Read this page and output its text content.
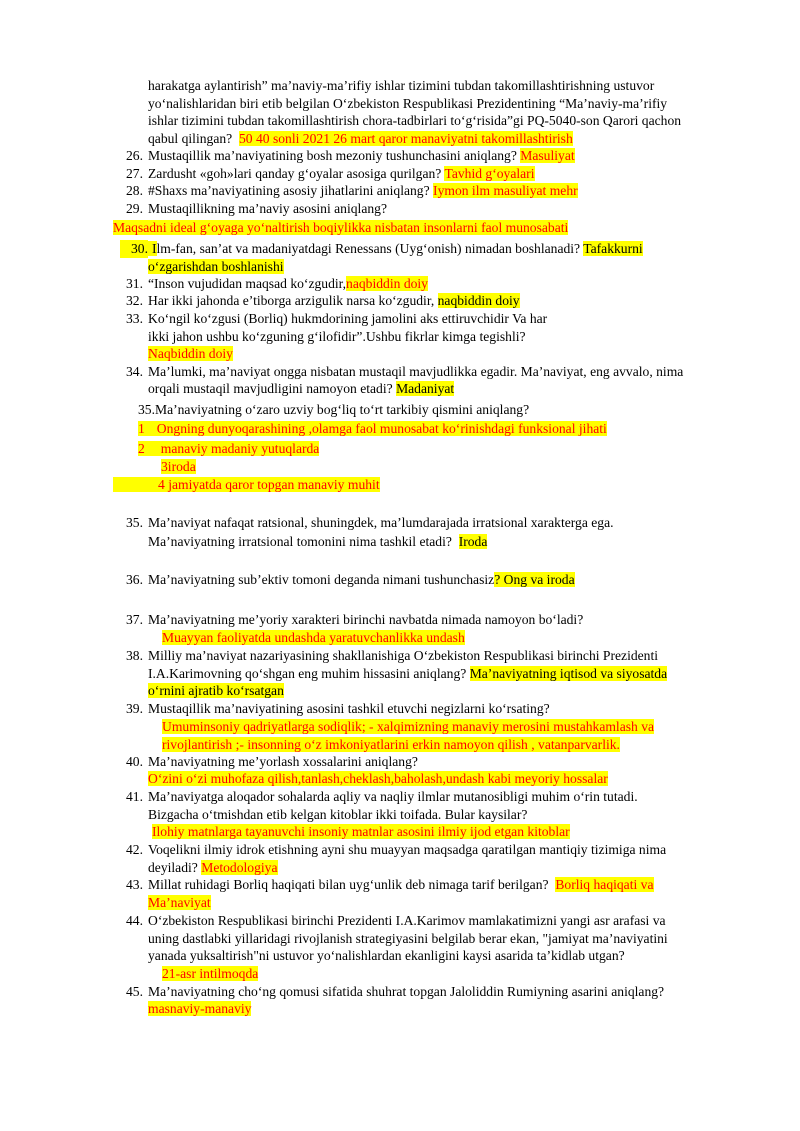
harakatga aylantirish” ma’naviy-ma’rifiy ishlar tizimini tubdan takomillashtirishning ustuvor
yo‘nalishlaridan biri etib belgilan O‘zbekiston Respublikasi Prezidentining “Ma’naviy-ma’rifiy
ishlar tizimini tubdan takomillashtirish chora-tadbirlari to‘g‘risida”gi PQ-5040-son Qarori qachon
qabul qilingan? 50 40 sonli 2021 26 mart qaror manaviyatni takomillashtirish
26. Mustaqillik ma’naviyatining bosh mezoniy tushunchasini aniqlang? Masuliyat
27. Zardusht «goh»lari qanday g‘oyalar asosiga qurilgan? Tavhid g‘oyalari
28. #Shaxs ma’naviyatining asosiy jihatlarini aniqlang? Iymon ilm masuliyat mehr
29. Mustaqillikning ma’naviy asosini aniqlang?
Maqsadni ideal g‘oyaga yo‘naltirish boqiylikka nisbatan insonlarni faol munosabati
30. Ilm-fan, san’at va madaniyatdagi Renessans (Uyg‘onish) nimadan boshlanadi? Tafakkurni
o‘zgarishdan boshlanishi
31. “Inson vujudidan maqsad ko‘zgudir,naqbiddin doiy
32. Har ikki jahonda e’tiborga arzigulik narsa ko‘zgudir, naqbiddin doiy
33. Ko‘ngil ko‘zgusi (Borliq) hukmdorining jamolini aks ettiruvchidir Va har
ikki jahon ushbu ko‘zguning g‘ilofidir”.Ushbu fikrlar kimga tegishli?
Naqbiddin doiy
34. Ma’lumki, ma’naviyat ongga nisbatan mustaqil mavjudlikka egadir. Ma’naviyat, eng avvalo, nima
orqali mustaqil mavjudligini namoyon etadi? Madaniyat
35.Ma’naviyatning o‘zaro uzviy bog‘liq to‘rt tarkibiy qismini aniqlang?
1 Ongning dunyoqarashining ,olamga faol munosabat ko‘rinishdagi funksional jihati
2 manaviy madaniy yutuqlarda
3iroda
4 jamiyatda qaror topgan manaviy muhit
35. Ma’naviyat nafaqat ratsional, shuningdek, ma’lumdarajada irratsional xarakterga ega.
Ma’naviyatning irratsional tomonini nima tashkil etadi? Iroda
36. Ma’naviyatning sub’ektiv tomoni deganda nimani tushunchasiz? Ong va iroda
37. Ma’naviyatning me’yoriy xarakteri birinchi navbatda nimada namoyon bo‘ladi?
Muayyan faoliyatda undashda yaratuvchanlikka undash
38. Milliy ma’naviyat nazariyasining shakllanishiga O‘zbekiston Respublikasi birinchi Prezidenti
I.A.Karimovning qo‘shgan eng muhim hissasini aniqlang? Ma’naviyatning iqtisod va siyosatda
o‘rnini ajratib ko‘rsatgan
39. Mustaqillik ma’naviyatining asosini tashkil etuvchi negizlarni ko‘rsating?
Umuminsoniy qadriyatlarga sodiqlik; - xalqimizning manaviy merosini mustahkamlash va
rivojlantirish ;- insonning o‘z imkoniyatlarini erkin namoyon qilish , vatanparvarlik.
40. Ma’naviyatning me’yorlash xossalarini aniqlang?
O‘zini o‘zi muhofaza qilish,tanlash,cheklash,baholash,undash kabi meyoriy hossalar
41. Ma’naviyatga aloqador sohalarda aqliy va naqliy ilmlar mutanosibligi muhim o‘rin tutadi.
Bizgacha o‘tmishdan etib kelgan kitoblar ikki toifada. Bular kaysilar?
Ilohiy matnlarga tayanuvchi insoniy matnlar asosini ilmiy ijod etgan kitoblar
42. Voqelikni ilmiy idrok etishning ayni shu muayyan maqsadga qaratilgan mantiqiy tizimiga nima
deyiladi? Metodologiya
43. Millat ruhidagi Borliq haqiqati bilan uyg‘unlik deb nimaga tarif berilgan? Borliq haqiqati va
Ma’naviyat
44. O‘zbekiston Respublikasi birinchi Prezidenti I.A.Karimov mamlakatimizni yangi asr arafasi va
uning dastlabki yillaridagi rivojlanish strategiyasini belgilab berar ekan, "jamiyat ma’naviyatini
yanada yuksaltirish"ni ustuvor yo‘nalishlardan ekanligini kaysi asarida ta’kidlab utgan?
21-asr intilmoqda
45. Ma’naviyatning cho‘ng qomusi sifatida shuhrat topgan Jaloliddin Rumiyning asarini aniqlang?
masnaviy-manaviy
